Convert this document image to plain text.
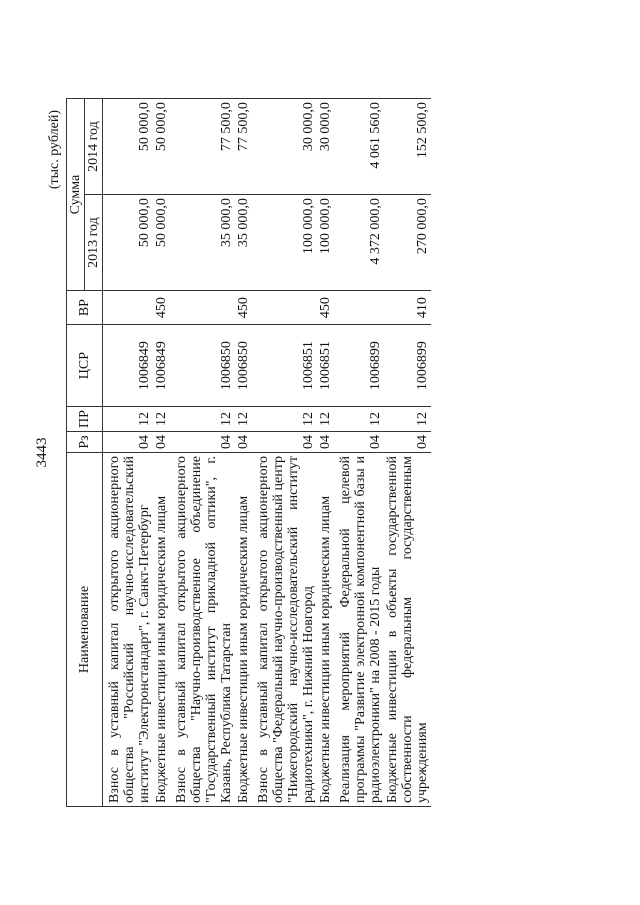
3443
(тыс. рублей)
Наименование	Рз	ПР	ЦСР	ВР	Сумма	
					2013 год	2014 год
Взнос в уставный капитал открытого акционерного общества "Российский научно-исследовательский институт "Электронстандарт", г. Санкт-Петербург	04	12	1006849		50 000,0	50 000,0
Бюджетные инвестиции иным юридическим лицам	04	12	1006849	450	50 000,0	50 000,0
Взнос в уставный капитал открытого акционерного общества "Научно-производственное объединение "Государственный институт прикладной оптики", г. Казань, Республика Татарстан	04	12	1006850		35 000,0	77 500,0
Бюджетные инвестиции иным юридическим лицам	04	12	1006850	450	35 000,0	77 500,0
Взнос в уставный капитал открытого акционерного общества "Федеральный научно-производственный центр "Нижегородский научно-исследовательский институт радиотехники", г. Нижний Новгород	04	12	1006851		100 000,0	30 000,0
Бюджетные инвестиции иным юридическим лицам	04	12	1006851	450	100 000,0	30 000,0
Реализация мероприятий Федеральной целевой программы "Развитие электронной компонентной базы и радиоэлектроники" на 2008 - 2015 годы	04	12	1006899		4 372 000,0	4 061 560,0
Бюджетные инвестиции в объекты государственной собственности федеральным государственным учреждениям	04	12	1006899	410	270 000,0	152 500,0
